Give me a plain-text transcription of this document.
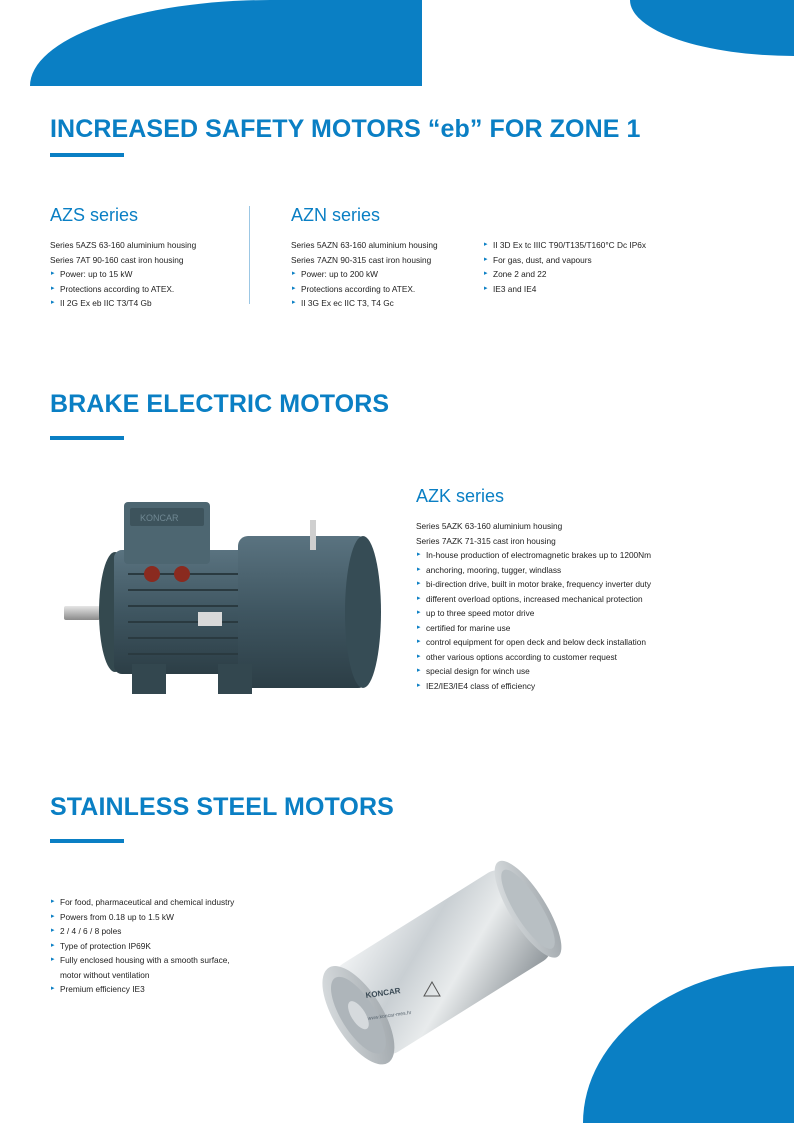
INCREASED SAFETY MOTORS “eb” FOR ZONE 1
AZS series

Series 5AZS 63-160 aluminium housing

Series 7AT 90-160 cast iron housing

▸ Power: up to 15 kW
▸ Protections according to ATEX.
▸ II 2G Ex eb IIC T3/T4 Gb
AZN series

Series 5AZN 63-160 aluminium housing

Series 7AZN 90-315 cast iron housing

▸ Power: up to 200 kW
▸ Protections according to ATEX.
▸ II 3G Ex ec IIC T3, T4 Gc
▸ II 3D Ex tc IIIC T90/T135/T160°C Dc IP6x
▸ For gas, dust, and vapours
▸ Zone 2 and 22
▸ IE3 and IE4
BRAKE ELECTRIC MOTORS
KONCAR
AZK series

Series 5AZK 63-160 aluminium housing

Series 7AZK 71-315 cast iron housing

▸ In-house production of electromagnetic brakes up to 1200Nm
▸ anchoring, mooring, tugger, windlass
▸ bi-direction drive, built in motor brake, frequency inverter duty
▸ different overload options, increased mechanical protection
▸ up to three speed motor drive
▸ certified for marine use
▸ control equipment for open deck and below deck installation
▸ other various options according to customer request
▸ special design for winch use
▸ IE2/IE3/IE4 class of efficiency
STAINLESS STEEL MOTORS
▸ For food, pharmaceutical and chemical industry
▸ Powers from 0.18 up to 1.5 kW
▸ 2 / 4 / 6 / 8 poles
▸ Type of protection IP69K
▸ Fully enclosed housing with a smooth surface,
motor without ventilation
▸ Premium efficiency IE3	KONCAR
www.koncar-mes.hr
